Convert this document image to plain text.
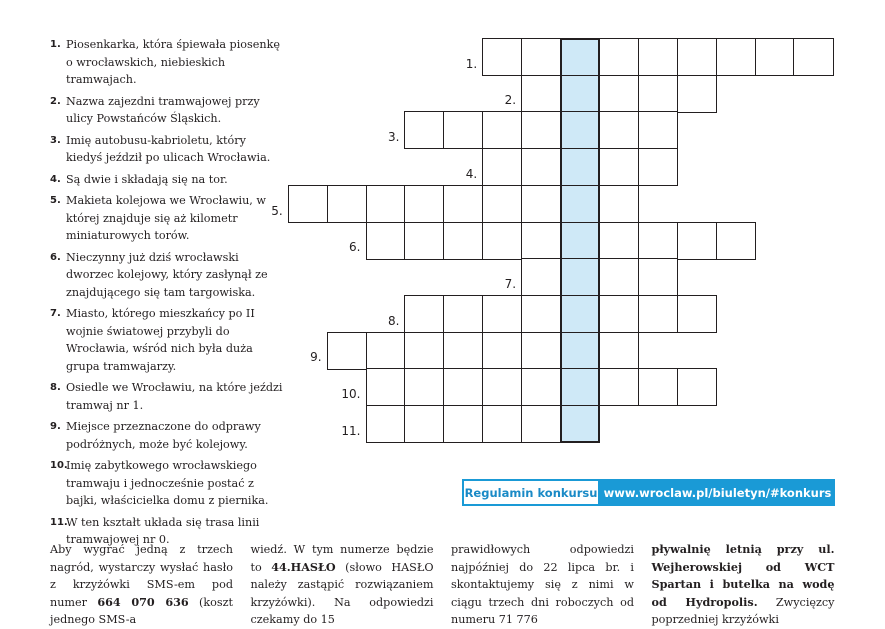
1. Piosenkarka, która śpiewała piosenkę o wrocławskich, niebieskich tramwajach.
2. Nazwa zajezdni tramwajowej przy ulicy Powstańców Śląskich.
3. Imię autobusu-kabrioletu, który kiedyś jeździł po ulicach Wrocławia.
4. Są dwie i składają się na tor.
5. Makieta kolejowa we Wrocławiu, w której znajduje się aż kilometr miniaturowych torów.
6. Nieczynny już dziś wrocławski dworzec kolejowy, który zasłynął ze znajdującego się tam targowiska.
7. Miasto, którego mieszkańcy po II wojnie światowej przybyli do Wrocławia, wśród nich była duża grupa tramwajarzy.
8. Osiedle we Wrocławiu, na które jeździ tramwaj nr 1.
9. Miejsce przeznaczone do odprawy podróżnych, może być kolejowy.
10.
Imię zabytkowego wrocławskiego tramwaju i jednocześnie postać z bajki, właścicielka domu z piernika.
11.
W ten kształt układa się trasa linii tramwajowej nr 0.
1.
2.
3.
4.
5.
6.
7.
8.
9.
10.
11.
Regulamin konkursu www.wroclaw.pl/biuletyn/#konkurs
Aby wygrać jedną z trzech nagród, wystarczy wysłać hasło z krzyżówki SMS-em pod numer 664 070 636 (koszt jednego SMS-a
wiedź. W tym numerze będzie to 44.HASŁO (słowo HASŁO należy zastąpić rozwiązaniem krzyżówki). Na odpowiedzi czekamy do 15
prawidłowych odpowiedzi najpóźniej do 22 lipca br. i skontaktujemy się z nimi w ciągu trzech dni roboczych od numeru 71 776
pływalnię letnią przy ul. Wejherowskiej od WCT Spartan i butelka na wodę od Hydropolis. Zwycięzcy poprzedniej krzyżówki
